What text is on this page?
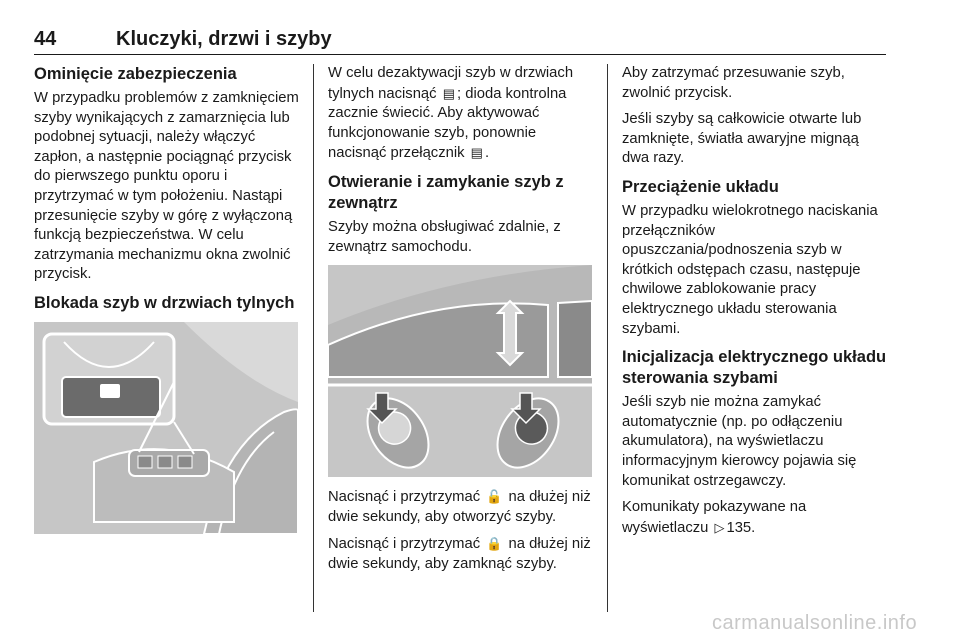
44	Kluczyki, drzwi i szyby
Ominięcie zabezpieczenia

W przypadku problemów z zamknięciem szyby wynikających z zamarznięcia lub podobnej sytuacji, należy włączyć zapłon, a następnie pociągnąć przycisk do pierwszego punktu oporu i przytrzymać w tym położeniu. Nastąpi przesunięcie szyby w górę z wyłączoną funkcją bezpieczeństwa. W celu zatrzymania mechanizmu okna zwolnić przycisk.

Blokada szyb w drzwiach tylnych

W celu dezaktywacji szyb w drzwiach tylnych nacisnąć ▤ ; dioda kontrolna zacznie świecić. Aby aktywować funkcjonowanie szyb, ponownie nacisnąć przełącznik ▤ .

Otwieranie i zamykanie szyb z zewnątrz

Szyby można obsługiwać zdalnie, z zewnątrz samochodu.

Nacisnąć i przytrzymać 🔓 na dłużej niż dwie sekundy, aby otworzyć szyby.

Nacisnąć i przytrzymać 🔒 na dłużej niż dwie sekundy, aby zamknąć szyby.

Aby zatrzymać przesuwanie szyb, zwolnić przycisk.

Jeśli szyby są całkowicie otwarte lub zamknięte, światła awaryjne mignąą dwa razy.

Przeciążenie układu

W przypadku wielokrotnego naciskania przełączników opuszczania/podnoszenia szyb w krótkich odstępach czasu, następuje chwilowe zablokowanie pracy elektrycznego układu sterowania szybami.

Inicjalizacja elektrycznego układu sterowania szybami

Jeśli szyb nie można zamykać automatycznie (np. po odłączeniu akumulatora), na wyświetlaczu informacyjnym kierowcy pojawia się komunikat ostrzegawczy.

Komunikaty pokazywane na wyświetlaczu ▷ 135.

carmanualsonline.info
